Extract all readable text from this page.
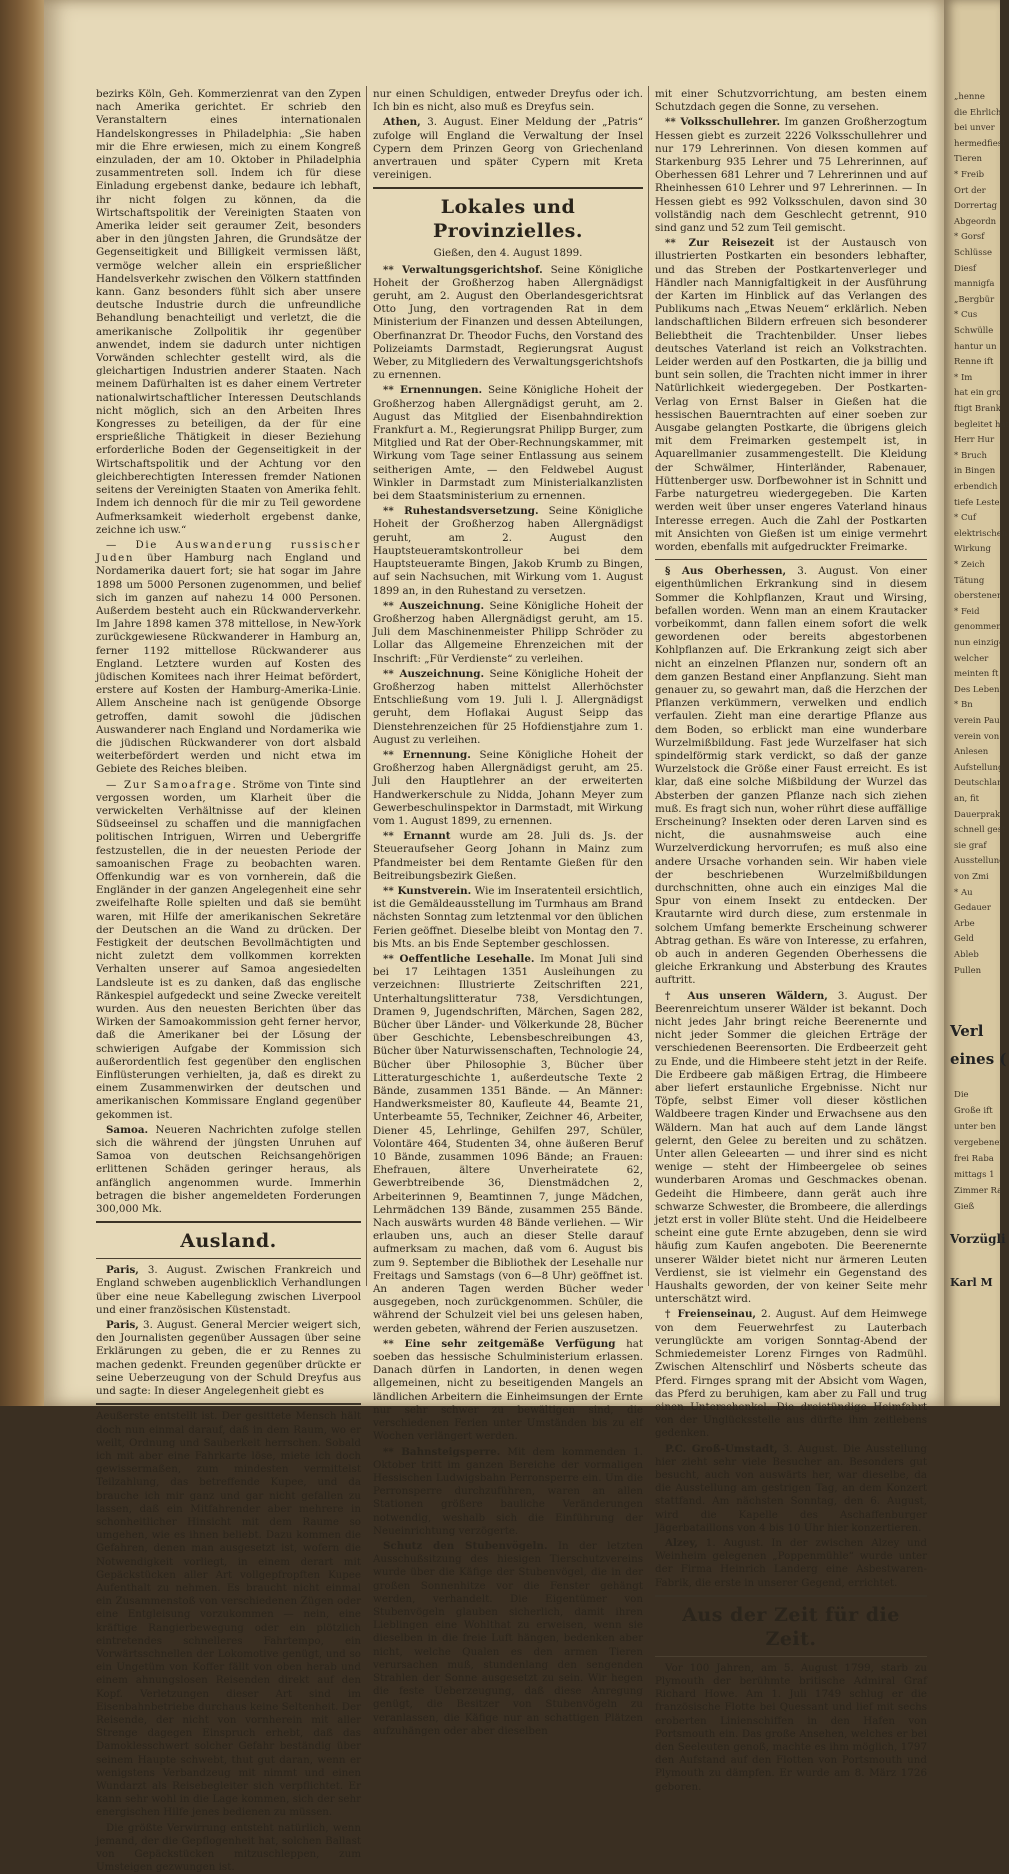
bezirks Köln, Geh. Kommerzienrat van den Zypen nach Amerika gerichtet. Er schrieb den Veranstaltern eines internationalen Handelskongresses in Philadelphia: „Sie haben mir die Ehre erwiesen, mich zu einem Kongreß einzuladen, der am 10. Oktober in Philadelphia zusammentreten soll. Indem ich für diese Einladung ergebenst danke, bedaure ich lebhaft, ihr nicht folgen zu können, da die Wirtschaftspolitik der Vereinigten Staaten von Amerika leider seit geraumer Zeit, besonders aber in den jüngsten Jahren, die Grundsätze der Gegenseitigkeit und Billigkeit vermissen läßt, vermöge welcher allein ein ersprießlicher Handelsverkehr zwischen den Völkern stattfinden kann. Ganz besonders fühlt sich aber unsere deutsche Industrie durch die unfreundliche Behandlung benachteiligt und verletzt, die die amerikanische Zollpolitik ihr gegenüber anwendet, indem sie dadurch unter nichtigen Vorwänden schlechter gestellt wird, als die gleichartigen Industrien anderer Staaten. Nach meinem Dafürhalten ist es daher einem Vertreter nationalwirtschaftlicher Interessen Deutschlands nicht möglich, sich an den Arbeiten Ihres Kongresses zu beteiligen, da der für eine ersprießliche Thätigkeit in dieser Beziehung erforderliche Boden der Gegenseitigkeit in der Wirtschaftspolitik und der Achtung vor den gleichberechtigten Interessen fremder Nationen seitens der Vereinigten Staaten von Amerika fehlt. Indem ich dennoch für die mir zu Teil gewordene Aufmerksamkeit wiederholt ergebenst danke, zeichne ich usw.“

— Die Auswanderung russischer Juden über Hamburg nach England und Nordamerika dauert fort; sie hat sogar im Jahre 1898 um 5000 Personen zugenommen, und belief sich im ganzen auf nahezu 14 000 Personen. Außerdem besteht auch ein Rückwanderverkehr. Im Jahre 1898 kamen 378 mittellose, in New-York zurückgewiesene Rückwanderer in Hamburg an, ferner 1192 mittellose Rückwanderer aus England. Letztere wurden auf Kosten des jüdischen Komitees nach ihrer Heimat befördert, erstere auf Kosten der Hamburg-Amerika-Linie. Allem Anscheine nach ist genügende Obsorge getroffen, damit sowohl die jüdischen Auswanderer nach England und Nordamerika wie die jüdischen Rückwanderer von dort alsbald weiterbefördert werden und nicht etwa im Gebiete des Reiches bleiben.

— Zur Samoafrage. Ströme von Tinte sind vergossen worden, um Klarheit über die verwickelten Verhältnisse auf der kleinen Südseeinsel zu schaffen und die mannigfachen politischen Intriguen, Wirren und Uebergriffe festzustellen, die in der neuesten Periode der samoanischen Frage zu beobachten waren. Offenkundig war es von vornherein, daß die Engländer in der ganzen Angelegenheit eine sehr zweifelhafte Rolle spielten und daß sie bemüht waren, mit Hilfe der amerikanischen Sekretäre der Deutschen an die Wand zu drücken. Der Festigkeit der deutschen Bevollmächtigten und nicht zuletzt dem vollkommen korrekten Verhalten unserer auf Samoa angesiedelten Landsleute ist es zu danken, daß das englische Ränkespiel aufgedeckt und seine Zwecke vereitelt wurden. Aus den neuesten Berichten über das Wirken der Samoakommission geht ferner hervor, daß die Amerikaner bei der Lösung der schwierigen Aufgabe der Kommission sich außerordentlich fest gegenüber den englischen Einflüsterungen verhielten, ja, daß es direkt zu einem Zusammenwirken der deutschen und amerikanischen Kommissare England gegenüber gekommen ist.

Samoa. Neueren Nachrichten zufolge stellen sich die während der jüngsten Unruhen auf Samoa von deutschen Reichsangehörigen erlittenen Schäden geringer heraus, als anfänglich angenommen wurde. Immerhin betragen die bisher angemeldeten Forderungen 300,000 Mk.

Ausland.

Paris, 3. August. Zwischen Frankreich und England schweben augenblicklich Verhandlungen über eine neue Kabellegung zwischen Liverpool und einer französischen Küstenstadt.

Paris, 3. August. General Mercier weigert sich, den Journalisten gegenüber Aussagen über seine Erklärungen zu geben, die er zu Rennes zu machen gedenkt. Freunden gegenüber drückte er seine Ueberzeugung von der Schuld Dreyfus aus und sagte: In dieser Angelegenheit giebt es

Aeußerste entstellt ist. Der gesittete Mensch hält doch nun einmal darauf, daß in dem Raum, wo er weilt, Ordnung und Sauberkeit herrschen. Sobald ich mit aber eine Fahrkarte löse, miete ich doch gewissermaßen, zum mindesten vermittelst Teilzahlung, das betreffende Kupee, und da brauche ich mir ganz und gar nicht gefallen zu lassen, daß ein Mitfahrender aber mehrere in schonheitlicher Hinsicht mit dem Raume so umgehen, wie es ihnen beliebt. Dazu kommen die Gefahren, denen man ausgesetzt ist, wofern die Notwendigkeit vorliegt, in einem derart mit Gepäckstücken aller Art vollgepfropften Kupee Aufenthalt zu nehmen. Es braucht nicht einmal ein Zusammenstoß von verschiedenen Zügen oder eine Entgleisung vorzukommen — nein, eine kräftige Rangierbewegung oder ein plötzlich eintretendes schnelleres Fahrtempo, ein Vorwärtsschnellen der Lokomotive genügt, und so ein Ungetüm von Koffer fällt von oben herab und einem ahnungslosen Reisenden direkt auf den Kopf. Verletzungen dieser Art sind im Eisenbahnbetriebe durchaus keine Seltenheit. Der Reisende, der nicht von vornherein mit aller Strenge dagegen Einspruch erhebt, daß das Damoklesschwert solcher Gefahr beständig über seinem Haupte schwebt, thut gut daran, wenn er wenigstens Verbandzeug mit nimmt und einen Wundarzt als Reisebegleiter sich verpflichtet. Er kann sehr wohl in die Lage kommen, sich der sehr energischen Hilfe jenes bedienen zu müssen.

Die größte Verwirrung entsteht natürlich, wenn jemand, der die Gepflogenheit hat, solchen Ballast von Gepäckstücken mitzuschleppen, zum Umsteigen gezwungen ist.

nur einen Schuldigen, entweder Dreyfus oder ich. Ich bin es nicht, also muß es Dreyfus sein.

Athen, 3. August. Einer Meldung der „Patris“ zufolge will England die Verwaltung der Insel Cypern dem Prinzen Georg von Griechenland anvertrauen und später Cypern mit Kreta vereinigen.

Lokales und Provinzielles.
Gießen, den 4. August 1899.

** Verwaltungsgerichtshof. Seine Königliche Hoheit der Großherzog haben Allergnädigst geruht, am 2. August den Oberlandesgerichtsrat Otto Jung, den vortragenden Rat in dem Ministerium der Finanzen und dessen Abteilungen, Oberfinanzrat Dr. Theodor Fuchs, den Vorstand des Polizeiamts Darmstadt, Regierungsrat August Weber, zu Mitgliedern des Verwaltungsgerichtshofs zu ernennen.

** Ernennungen. Seine Königliche Hoheit der Großherzog haben Allergnädigst geruht, am 2. August das Mitglied der Eisenbahndirektion Frankfurt a. M., Regierungsrat Philipp Burger, zum Mitglied und Rat der Ober-Rechnungskammer, mit Wirkung vom Tage seiner Entlassung aus seinem seitherigen Amte, — den Feldwebel August Winkler in Darmstadt zum Ministerialkanzlisten bei dem Staatsministerium zu ernennen.

** Ruhestandsversetzung. Seine Königliche Hoheit der Großherzog haben Allergnädigst geruht, am 2. August den Hauptsteueramtskontrolleur bei dem Hauptsteueramte Bingen, Jakob Krumb zu Bingen, auf sein Nachsuchen, mit Wirkung vom 1. August 1899 an, in den Ruhestand zu versetzen.

** Auszeichnung. Seine Königliche Hoheit der Großherzog haben Allergnädigst geruht, am 15. Juli dem Maschinenmeister Philipp Schröder zu Lollar das Allgemeine Ehrenzeichen mit der Inschrift: „Für Verdienste“ zu verleihen.

** Auszeichnung. Seine Königliche Hoheit der Großherzog haben mittelst Allerhöchster Entschließung vom 19. Juli l. J. Allergnädigst geruht, dem Hoflakai August Seipp das Dienstehrenzeichen für 25 Hofdienstjahre zum 1. August zu verleihen.

** Ernennung. Seine Königliche Hoheit der Großherzog haben Allergnädigst geruht, am 25. Juli den Hauptlehrer an der erweiterten Handwerkerschule zu Nidda, Johann Meyer zum Gewerbeschulinspektor in Darmstadt, mit Wirkung vom 1. August 1899, zu ernennen.

** Ernannt wurde am 28. Juli ds. Js. der Steueraufseher Georg Johann in Mainz zum Pfandmeister bei dem Rentamte Gießen für den Beitreibungsbezirk Gießen.

** Kunstverein. Wie im Inseratenteil ersichtlich, ist die Gemäldeausstellung im Turmhaus am Brand nächsten Sonntag zum letztenmal vor den üblichen Ferien geöffnet. Dieselbe bleibt von Montag den 7. bis Mts. an bis Ende September geschlossen.

** Oeffentliche Lesehalle. Im Monat Juli sind bei 17 Leihtagen 1351 Ausleihungen zu verzeichnen: Illustrierte Zeitschriften 221, Unterhaltungslitteratur 738, Versdichtungen, Dramen 9, Jugendschriften, Märchen, Sagen 282, Bücher über Länder- und Völkerkunde 28, Bücher über Geschichte, Lebensbeschreibungen 43, Bücher über Naturwissenschaften, Technologie 24, Bücher über Philosophie 3, Bücher über Litteraturgeschichte 1, außerdeutsche Texte 2 Bände, zusammen 1351 Bände. — An Männer: Handwerksmeister 80, Kaufleute 44, Beamte 21, Unterbeamte 55, Techniker, Zeichner 46, Arbeiter, Diener 45, Lehrlinge, Gehilfen 297, Schüler, Volontäre 464, Studenten 34, ohne äußeren Beruf 10 Bände, zusammen 1096 Bände; an Frauen: Ehefrauen, ältere Unverheiratete 62, Gewerbtreibende 36, Dienstmädchen 2, Arbeiterinnen 9, Beamtinnen 7, junge Mädchen, Lehrmädchen 139 Bände, zusammen 255 Bände. Nach auswärts wurden 48 Bände verliehen. — Wir erlauben uns, auch an dieser Stelle darauf aufmerksam zu machen, daß vom 6. August bis zum 9. September die Bibliothek der Lesehalle nur Freitags und Samstags (von 6—8 Uhr) geöffnet ist. An anderen Tagen werden Bücher weder ausgegeben, noch zurückgenommen. Schüler, die während der Schulzeit viel bei uns gelesen haben, werden gebeten, während der Ferien auszusetzen.

** Eine sehr zeitgemäße Verfügung hat soeben das hessische Schulministerium erlassen. Danach dürfen in Landorten, in denen wegen allgemeinen, nicht zu beseitigenden Mangels an ländlichen Arbeitern die Einheimsungen der Ernte nur sehr schwer zu bewältigen sind, die verschiedenen Ferien unter Umständen bis zu elf Wochen verlängert werden.

** Bahnsteigsperre. Mit dem kommenden 1. Oktober tritt im ganzen Bereiche der vormaligen Hessischen Ludwigsbahn Perronsperre ein. Um die Perronsperre durchzuführen, waren an allen Stationen größere bauliche Veränderungen notwendig, weshalb sich die Einführung der Neueinrichtung verzögerte.

Schutz den Stubenvögeln. In der letzten Ausschußsitzung des hiesigen Tierschutzvereins wurde über die Käfige der Stubenvögel, die in der großen Sonnenhitze vor die Fenster gehängt werden, verhandelt. Die Eigentümer von Stubenvögeln glauben sicherlich, damit ihren Lieblingen eine Wohlthat zu erweisen, wenn sie dieselben in die freie Luft hängen, bedenken aber nicht, welche Qualen es den armen Tieren verursachen muß, stundenlang den sengenden Strahlen der Sonne ausgesetzt zu sein. Wir hegen die feste Ueberzeugung, daß diese Anregung genügt, die Besitzer von Stubenvögeln zu veranlassen, die Käfige nur an schattigen Plätzen aufzuhängen oder aber dieselben

mit einer Schutzvorrichtung, am besten einem Schutzdach gegen die Sonne, zu versehen.

** Volksschullehrer. Im ganzen Großherzogtum Hessen giebt es zurzeit 2226 Volksschullehrer und nur 179 Lehrerinnen. Von diesen kommen auf Starkenburg 935 Lehrer und 75 Lehrerinnen, auf Oberhessen 681 Lehrer und 7 Lehrerinnen und auf Rheinhessen 610 Lehrer und 97 Lehrerinnen. — In Hessen giebt es 992 Volksschulen, davon sind 30 vollständig nach dem Geschlecht getrennt, 910 sind ganz und 52 zum Teil gemischt.

** Zur Reisezeit ist der Austausch von illustrierten Postkarten ein besonders lebhafter, und das Streben der Postkartenverleger und Händler nach Mannigfaltigkeit in der Ausführung der Karten im Hinblick auf das Verlangen des Publikums nach „Etwas Neuem“ erklärlich. Neben landschaftlichen Bildern erfreuen sich besonderer Beliebtheit die Trachtenbilder. Unser liebes deutsches Vaterland ist reich an Volkstrachten. Leider werden auf den Postkarten, die ja billig und bunt sein sollen, die Trachten nicht immer in ihrer Natürlichkeit wiedergegeben. Der Postkarten-Verlag von Ernst Balser in Gießen hat die hessischen Bauerntrachten auf einer soeben zur Ausgabe gelangten Postkarte, die übrigens gleich mit dem Freimarken gestempelt ist, in Aquarellmanier zusammengestellt. Die Kleidung der Schwälmer, Hinterländer, Rabenauer, Hüttenberger usw. Dorfbewohner ist in Schnitt und Farbe naturgetreu wiedergegeben. Die Karten werden weit über unser engeres Vaterland hinaus Interesse erregen. Auch die Zahl der Postkarten mit Ansichten von Gießen ist um einige vermehrt worden, ebenfalls mit aufgedruckter Freimarke.

§ Aus Oberhessen, 3. August. Von einer eigenthümlichen Erkrankung sind in diesem Sommer die Kohlpflanzen, Kraut und Wirsing, befallen worden. Wenn man an einem Krautacker vorbeikommt, dann fallen einem sofort die welk gewordenen oder bereits abgestorbenen Kohlpflanzen auf. Die Erkrankung zeigt sich aber nicht an einzelnen Pflanzen nur, sondern oft an dem ganzen Bestand einer Anpflanzung. Sieht man genauer zu, so gewahrt man, daß die Herzchen der Pflanzen verkümmern, verwelken und endlich verfaulen. Zieht man eine derartige Pflanze aus dem Boden, so erblickt man eine wunderbare Wurzelmißbildung. Fast jede Wurzelfaser hat sich spindelförmig stark verdickt, so daß der ganze Wurzelstock die Größe einer Faust erreicht. Es ist klar, daß eine solche Mißbildung der Wurzel das Absterben der ganzen Pflanze nach sich ziehen muß. Es fragt sich nun, woher rührt diese auffällige Erscheinung? Insekten oder deren Larven sind es nicht, die ausnahmsweise auch eine Wurzelverdickung hervorrufen; es muß also eine andere Ursache vorhanden sein. Wir haben viele der beschriebenen Wurzelmißbildungen durchschnitten, ohne auch ein einziges Mal die Spur von einem Insekt zu entdecken. Der Krautarnte wird durch diese, zum erstenmale in solchem Umfang bemerkte Erscheinung schwerer Abtrag gethan. Es wäre von Interesse, zu erfahren, ob auch in anderen Gegenden Oberhessens die gleiche Erkrankung und Absterbung des Krautes auftritt.

† Aus unseren Wäldern, 3. August. Der Beerenreichtum unserer Wälder ist bekannt. Doch nicht jedes Jahr bringt reiche Beerenernte und nicht jeder Sommer die gleichen Erträge der verschiedenen Beerensorten. Die Erdbeerzeit geht zu Ende, und die Himbeere steht jetzt in der Reife. Die Erdbeere gab mäßigen Ertrag, die Himbeere aber liefert erstaunliche Ergebnisse. Nicht nur Töpfe, selbst Eimer voll dieser köstlichen Waldbeere tragen Kinder und Erwachsene aus den Wäldern. Man hat auch auf dem Lande längst gelernt, den Gelee zu bereiten und zu schätzen. Unter allen Geleearten — und ihrer sind es nicht wenige — steht der Himbeergelee ob seines wunderbaren Aromas und Geschmackes obenan. Gedeiht die Himbeere, dann gerät auch ihre schwarze Schwester, die Brombeere, die allerdings jetzt erst in voller Blüte steht. Und die Heidelbeere scheint eine gute Ernte abzugeben, denn sie wird häufig zum Kaufen angeboten. Die Beerenernte unserer Wälder bietet nicht nur ärmeren Leuten Verdienst, sie ist vielmehr ein Gegenstand des Haushalts geworden, der von keiner Seite mehr unterschätzt wird.

† Freienseinau, 2. August. Auf dem Heimwege von dem Feuerwehrfest zu Lauterbach verunglückte am vorigen Sonntag-Abend der Schmiedemeister Lorenz Firnges von Radmühl. Zwischen Altenschlirf und Nösberts scheute das Pferd. Firnges sprang mit der Absicht vom Wagen, das Pferd zu beruhigen, kam aber zu Fall und trug einen Unterschenkel. Die dreistündige Heimfahrt von der Unglücksstelle aus dürfte ihm zeitlebens gedenken.

P.C. Groß-Umstadt, 3. August. Die Ausstellung hier zieht sehr viele Besucher an. Besonders gut besucht, auch von auswärts her, war dieselbe, da die Ausstellung am gestrigen Tag, an dem Konzert stattfand. Am nächsten Sonntag, den 6. August, wird die Kapelle des Aschaffenburger Jägerbataillons von 4 bis 10 Uhr hier konzertieren.

Alzey, 1. August. In der zwischen Alzey und Weinheim gelegenen „Poppenmühle“ wurde unter der Firma Heinrich Landerg eine Asbestwaren-Fabrik, die erste in unserer Gegend, errichtet.

Aus der Zeit für die Zeit.

Vor 100 Jahren, am 5. August 1799, starb zu Plymouth der berühmte britische Admiral Graf Richard Howe. Am 1. Juli 1749 schlug er die französische Flotte bei Quessant und lief mit sechs eroberten Linienschiffen in den Hafen von Portsmouth ein. Das große Ansehen, welches er bei den Seeleuten genoß, machte es ihm möglich, 1797 den Aufstand auf den Flotten von Portsmouth und Plymouth zu dämpfen. Er wurde am 8. März 1726 geboren.

„henne
die Ehrlich
bei unver
hermedfiest
Tieren
* Freib
Ort der
Dorrertag
Abgeordn
* Gorsf
Schlüsse
Diesf
mannigfa
„Bergbür
* Cus
Schwülle
hantur un
Renne ift
* Im
hat ein gro
ftigt Brank
begleitet hat
Herr Hur
* Bruch
in Bingen
erbendich
tiefe Leste
* Cuf
elektrischen
Wirkung
* Zeich
Tätung
oberstenen
* Feid
genommen
nun einzige
welcher
meinten ft
Des Lebens
* Bn
verein Pau
verein von
Anlesen
Aufstellung
Deutschlan
an, fit
Dauerprak
schnell gest
sie graf
Ausstellung
von Zmi
* Au
Gedauer
Arbe
Geld
Ableb
Pullen
Verl
eines (
Vorzügli
Karl M
Die
Große ift
unter ben
vergebenen
frei Raba
mittags 1
Zimmer Ra
Gieß
